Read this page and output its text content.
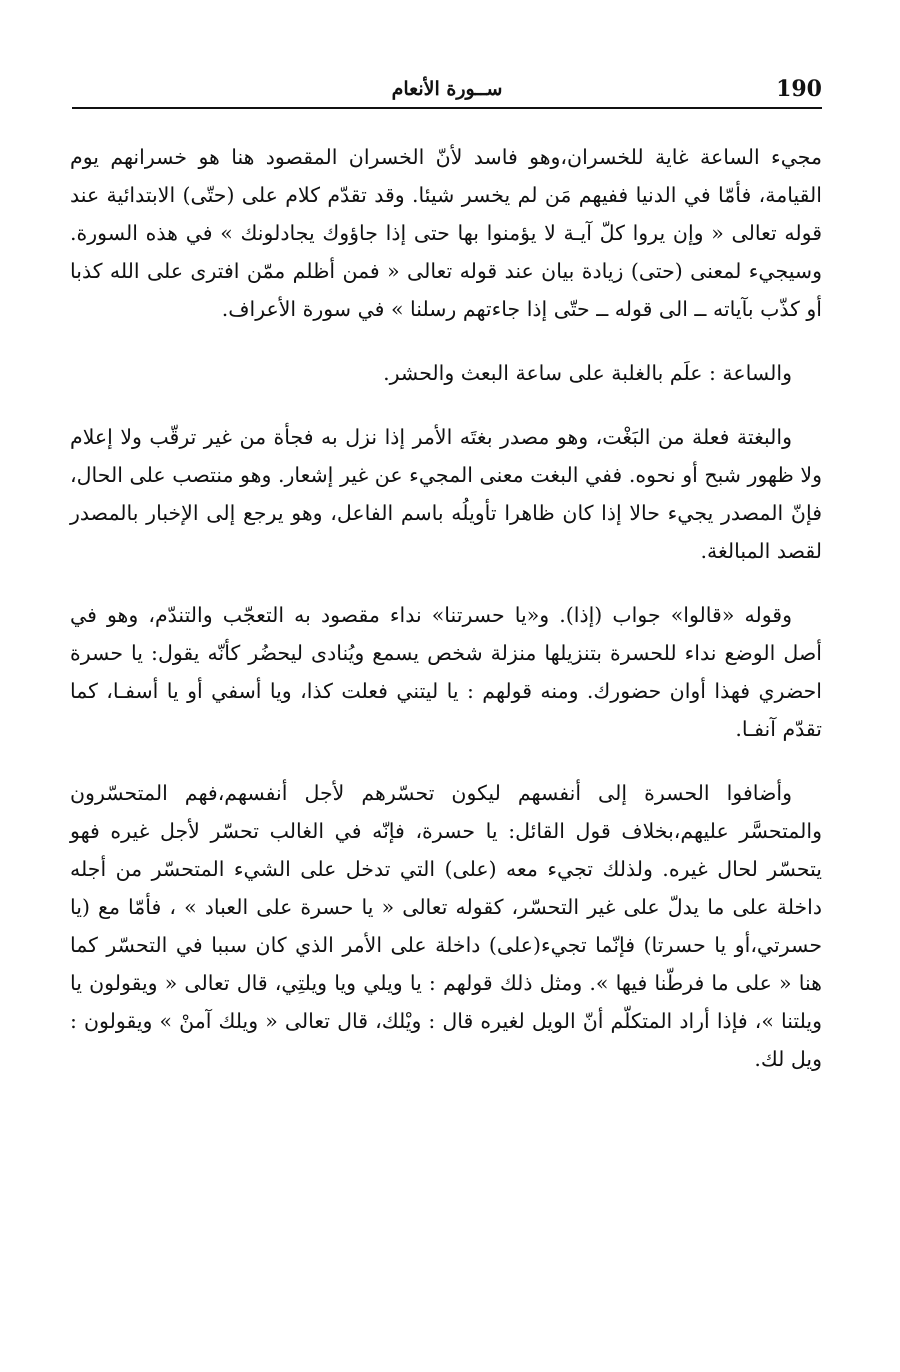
190
ســورة الأنعام

مجيء الساعة غاية للخسران،وهو فاسد لأنّ الخسران المقصود هنا هو خسرانهم يوم القيامة، فأمّا في الدنيا ففيهم مَن لم يخسر شيئا. وقد تقدّم كلام على (حتّى) الابتدائية عند قوله تعالى « وإن يروا كلّ آيـة لا يؤمنوا بها حتى إذا جاؤوك يجادلونك » في هذه السورة. وسيجيء لمعنى (حتى) زيادة بيان عند قوله تعالى « فمن أظلم ممّن افترى على الله كذبا أو كذّب بآياته ــ الى قوله ــ حتّى إذا جاءتهم رسلنا » في سورة الأعراف.

والساعة : علَم بالغلبة على ساعة البعث والحشر.

والبغتة فعلة من البَغْت، وهو مصدر بغتَه الأمر إذا نزل به فجأة من غير ترقّب ولا إعلام ولا ظهور شبح أو نحوه. ففي البغت معنى المجيء عن غير إشعار. وهو منتصب على الحال، فإنّ المصدر يجيء حالا إذا كان ظاهرا تأويلُه باسم الفاعل، وهو يرجع إلى الإخبار بالمصدر لقصد المبالغة.

وقوله «قالوا» جواب (إذا). و«يا حسرتنا» نداء مقصود به التعجّب والتندّم، وهو في أصل الوضع نداء للحسرة بتنزيلها منزلة شخص يسمع ويُنادى ليحضُر كأنّه يقول: يا حسرة احضري فهذا أوان حضورك. ومنه قولهم : يا ليتني فعلت كذا، ويا أسفي أو يا أسفـا، كما تقدّم آنفـا.

وأضافوا الحسرة إلى أنفسهم ليكون تحسّرهم لأجل أنفسهم،فهم المتحسّرون والمتحسَّر عليهم،بخلاف قول القائل: يا حسرة، فإنّه في الغالب تحسّر لأجل غيره فهو يتحسّر لحال غيره. ولذلك تجيء معه (على) التي تدخل على الشيء المتحسّر من أجله داخلة على ما يدلّ على غير التحسّر، كقوله تعالى « يا حسرة على العباد » ، فأمّا مع (يا حسرتي،أو يا حسرتا) فإنّما تجيء(على) داخلة على الأمر الذي كان سببا في التحسّر كما هنا « على ما فرطّنا فيها ». ومثل ذلك قولهم : يا ويلي ويا ويلتِي، قال تعالى « ويقولون يا ويلتنا »، فإذا أراد المتكلّم أنّ الويل لغيره قال : ويْلك، قال تعالى « ويلك آمنْ » ويقولون : ويل لك.
